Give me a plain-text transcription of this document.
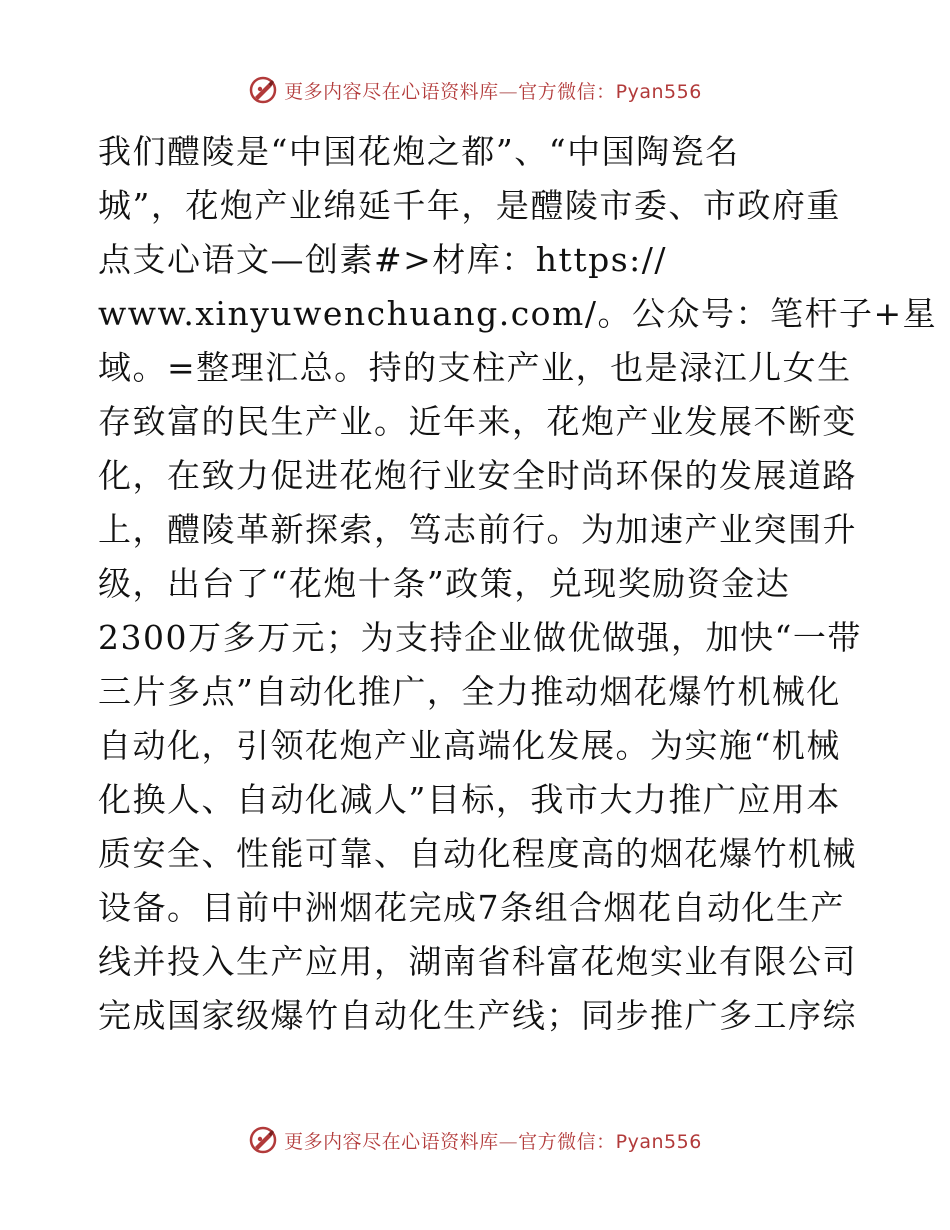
更多内容尽在心语资料库—官方微信：Pyan556
我们醴陵是“中国花炮之都”、“中国陶瓷名
城”，花炮产业绵延千年，是醴陵市委、市政府重
点支心语文—创素#>材库：https://
www.xinyuwenchuang.com/。公众号：笔杆子+星
域。=整理汇总。持的支柱产业，也是渌江儿女生
存致富的民生产业。近年来，花炮产业发展不断变
化，在致力促进花炮行业安全时尚环保的发展道路
上，醴陵革新探索，笃志前行。为加速产业突围升
级，出台了“花炮十条”政策，兑现奖励资金达
2300万多万元；为支持企业做优做强，加快“一带
三片多点”自动化推广，全力推动烟花爆竹机械化
自动化，引领花炮产业高端化发展。为实施“机械
化换人、自动化减人”目标，我市大力推广应用本
质安全、性能可靠、自动化程度高的烟花爆竹机械
设备。目前中洲烟花完成7条组合烟花自动化生产
线并投入生产应用，湖南省科富花炮实业有限公司
完成国家级爆竹自动化生产线；同步推广多工序综
更多内容尽在心语资料库—官方微信：Pyan556
